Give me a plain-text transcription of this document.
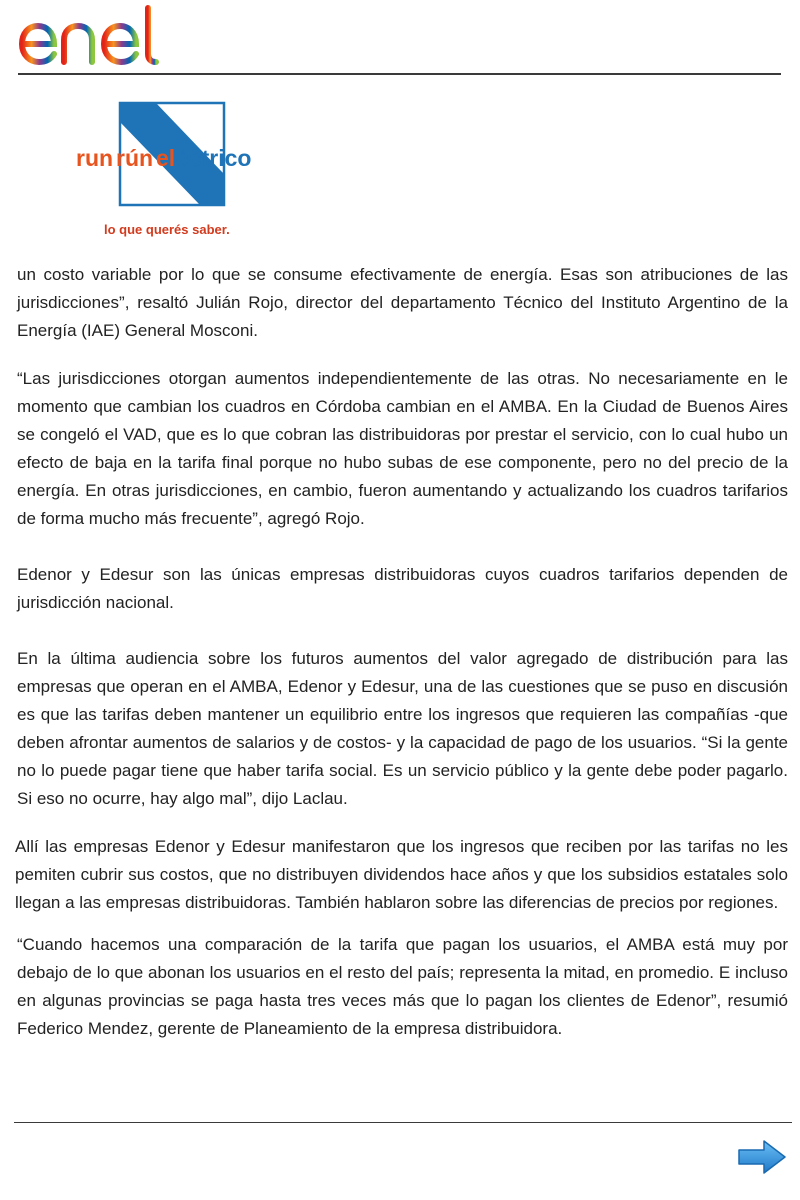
run rún el éctrico
lo que querés saber.

un costo variable por lo que se consume efectivamente de energía. Esas son atribuciones de las jurisdicciones”, resaltó Julián Rojo, director del departamento Técnico del Instituto Argentino de la Energía (IAE) General Mosconi.

“Las jurisdicciones otorgan aumentos independientemente de las otras. No necesariamente en le momento que cambian los cuadros en Córdoba cambian en el AMBA. En la Ciudad de Buenos Aires se congeló el VAD, que es lo que cobran las distribuidoras por prestar el servicio, con lo cual hubo un efecto de baja en la tarifa final porque no hubo subas de ese componente, pero no del precio de la energía. En otras jurisdicciones, en cambio, fueron aumentando y actualizando los cuadros tarifarios de forma mucho más frecuente”, agregó Rojo.

Edenor y Edesur son las únicas empresas distribuidoras cuyos cuadros tarifarios dependen de jurisdicción nacional.

En la última audiencia sobre los futuros aumentos del valor agregado de distribución para las empresas que operan en el AMBA, Edenor y Edesur, una de las cuestiones que se puso en discusión es que las tarifas deben mantener un equilibrio entre los ingresos que requieren las compañías -que deben afrontar aumentos de salarios y de costos- y la capacidad de pago de los usuarios. “Si la gente no lo puede pagar tiene que haber tarifa social. Es un servicio público y la gente debe poder pagarlo. Si eso no ocurre, hay algo mal”, dijo Laclau.

Allí las empresas Edenor y Edesur manifestaron que los ingresos que reciben por las tarifas no les pemiten cubrir sus costos, que no distribuyen dividendos hace años y que los subsidios estatales solo llegan a las empresas distribuidoras. También hablaron sobre las diferencias de precios por regiones.

“Cuando hacemos una comparación de la tarifa que pagan los usuarios, el AMBA está muy por debajo de lo que abonan los usuarios en el resto del país; representa la mitad, en promedio. E incluso en algunas provincias se paga hasta tres veces más que lo pagan los clientes de Edenor”, resumió Federico Mendez, gerente de Planeamiento de la empresa distribuidora.
